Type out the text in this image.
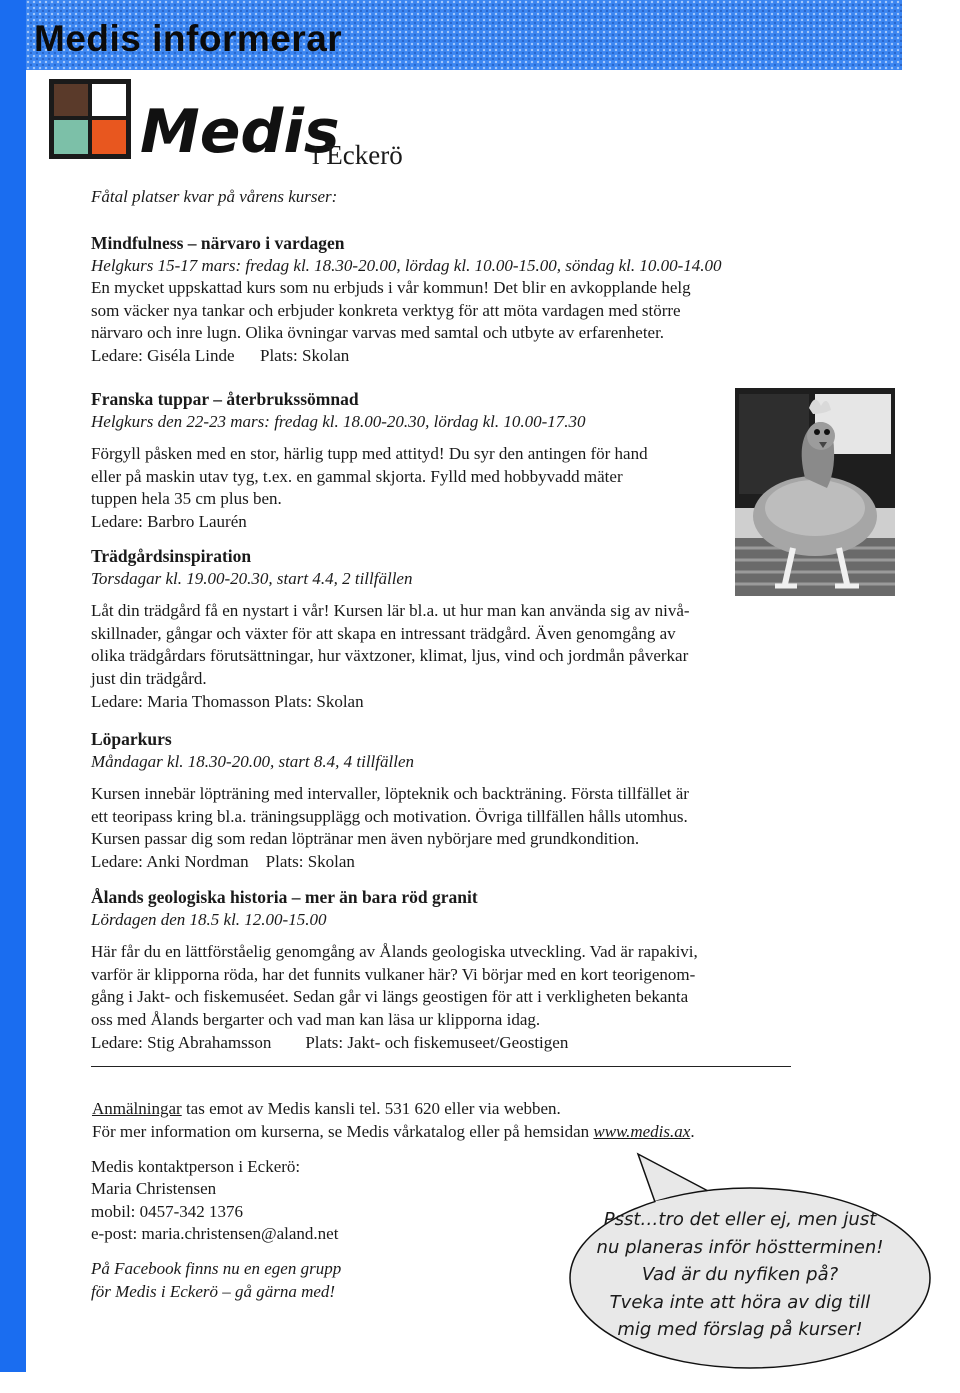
Medis informerar
Medis
i Eckerö
Fåtal platser kvar på vårens kurser:
Mindfulness – närvaro i vardagen
Helgkurs 15-17 mars: fredag kl. 18.30-20.00, lördag kl. 10.00-15.00, söndag kl. 10.00-14.00
En mycket uppskattad kurs som nu erbjuds i vår kommun! Det blir en avkopplande helg
som väcker nya tankar och erbjuder konkreta verktyg för att möta vardagen med större
närvaro och inre lugn. Olika övningar varvas med samtal och utbyte av erfarenheter.
Ledare: Giséla Linde      Plats: Skolan
Franska tuppar – återbrukssömnad
Helgkurs den 22-23 mars: fredag kl. 18.00-20.30, lördag kl. 10.00-17.30
Förgyll påsken med en stor, härlig tupp med attityd! Du syr den antingen för hand
eller på maskin utav tyg, t.ex. en gammal skjorta. Fylld med hobbyvadd mäter
tuppen hela 35 cm plus ben.
Ledare: Barbro Laurén
Trädgårdsinspiration
Torsdagar kl. 19.00-20.30, start 4.4, 2 tillfällen
Låt din trädgård få en nystart i vår! Kursen lär bl.a. ut hur man kan använda sig av nivå-
skillnader, gångar och växter för att skapa en intressant trädgård. Även genomgång av
olika trädgårdars förutsättningar, hur växtzoner, klimat, ljus, vind och jordmån påverkar
just din trädgård.
Ledare: Maria Thomasson Plats: Skolan
Löparkurs
Måndagar kl. 18.30-20.00, start 8.4, 4 tillfällen
Kursen innebär löpträning med intervaller, löpteknik och backträning. Första tillfället är
ett teoripass kring bl.a. träningsupplägg och motivation. Övriga tillfällen hålls utomhus.
Kursen passar dig som redan löptränar men även nybörjare med grundkondition.
Ledare: Anki Nordman    Plats: Skolan
Ålands geologiska historia – mer än bara röd granit
Lördagen den 18.5 kl. 12.00-15.00
Här får du en lättförståelig genomgång av Ålands geologiska utveckling. Vad är rapakivi,
varför är klipporna röda, har det funnits vulkaner här? Vi börjar med en kort teorigenom-
gång i Jakt- och fiskemuséet. Sedan går vi längs geostigen för att i verkligheten bekanta
oss med Ålands bergarter och vad man kan läsa ur klipporna idag.
Ledare: Stig Abrahamsson        Plats: Jakt- och fiskemuseet/Geostigen
Anmälningar tas emot av Medis kansli tel. 531 620 eller via webben.
För mer information om kurserna, se Medis vårkatalog eller på hemsidan www.medis.ax.
Medis kontaktperson i Eckerö:
Maria Christensen
mobil: 0457-342 1376
e-post: maria.christensen@aland.net
På Facebook finns nu en egen grupp
för Medis i Eckerö – gå gärna med!
Psst…tro det eller ej, men just
nu planeras inför höstterminen!
Vad är du nyfiken på?
Tveka inte att höra av dig till
mig med förslag på kurser!
